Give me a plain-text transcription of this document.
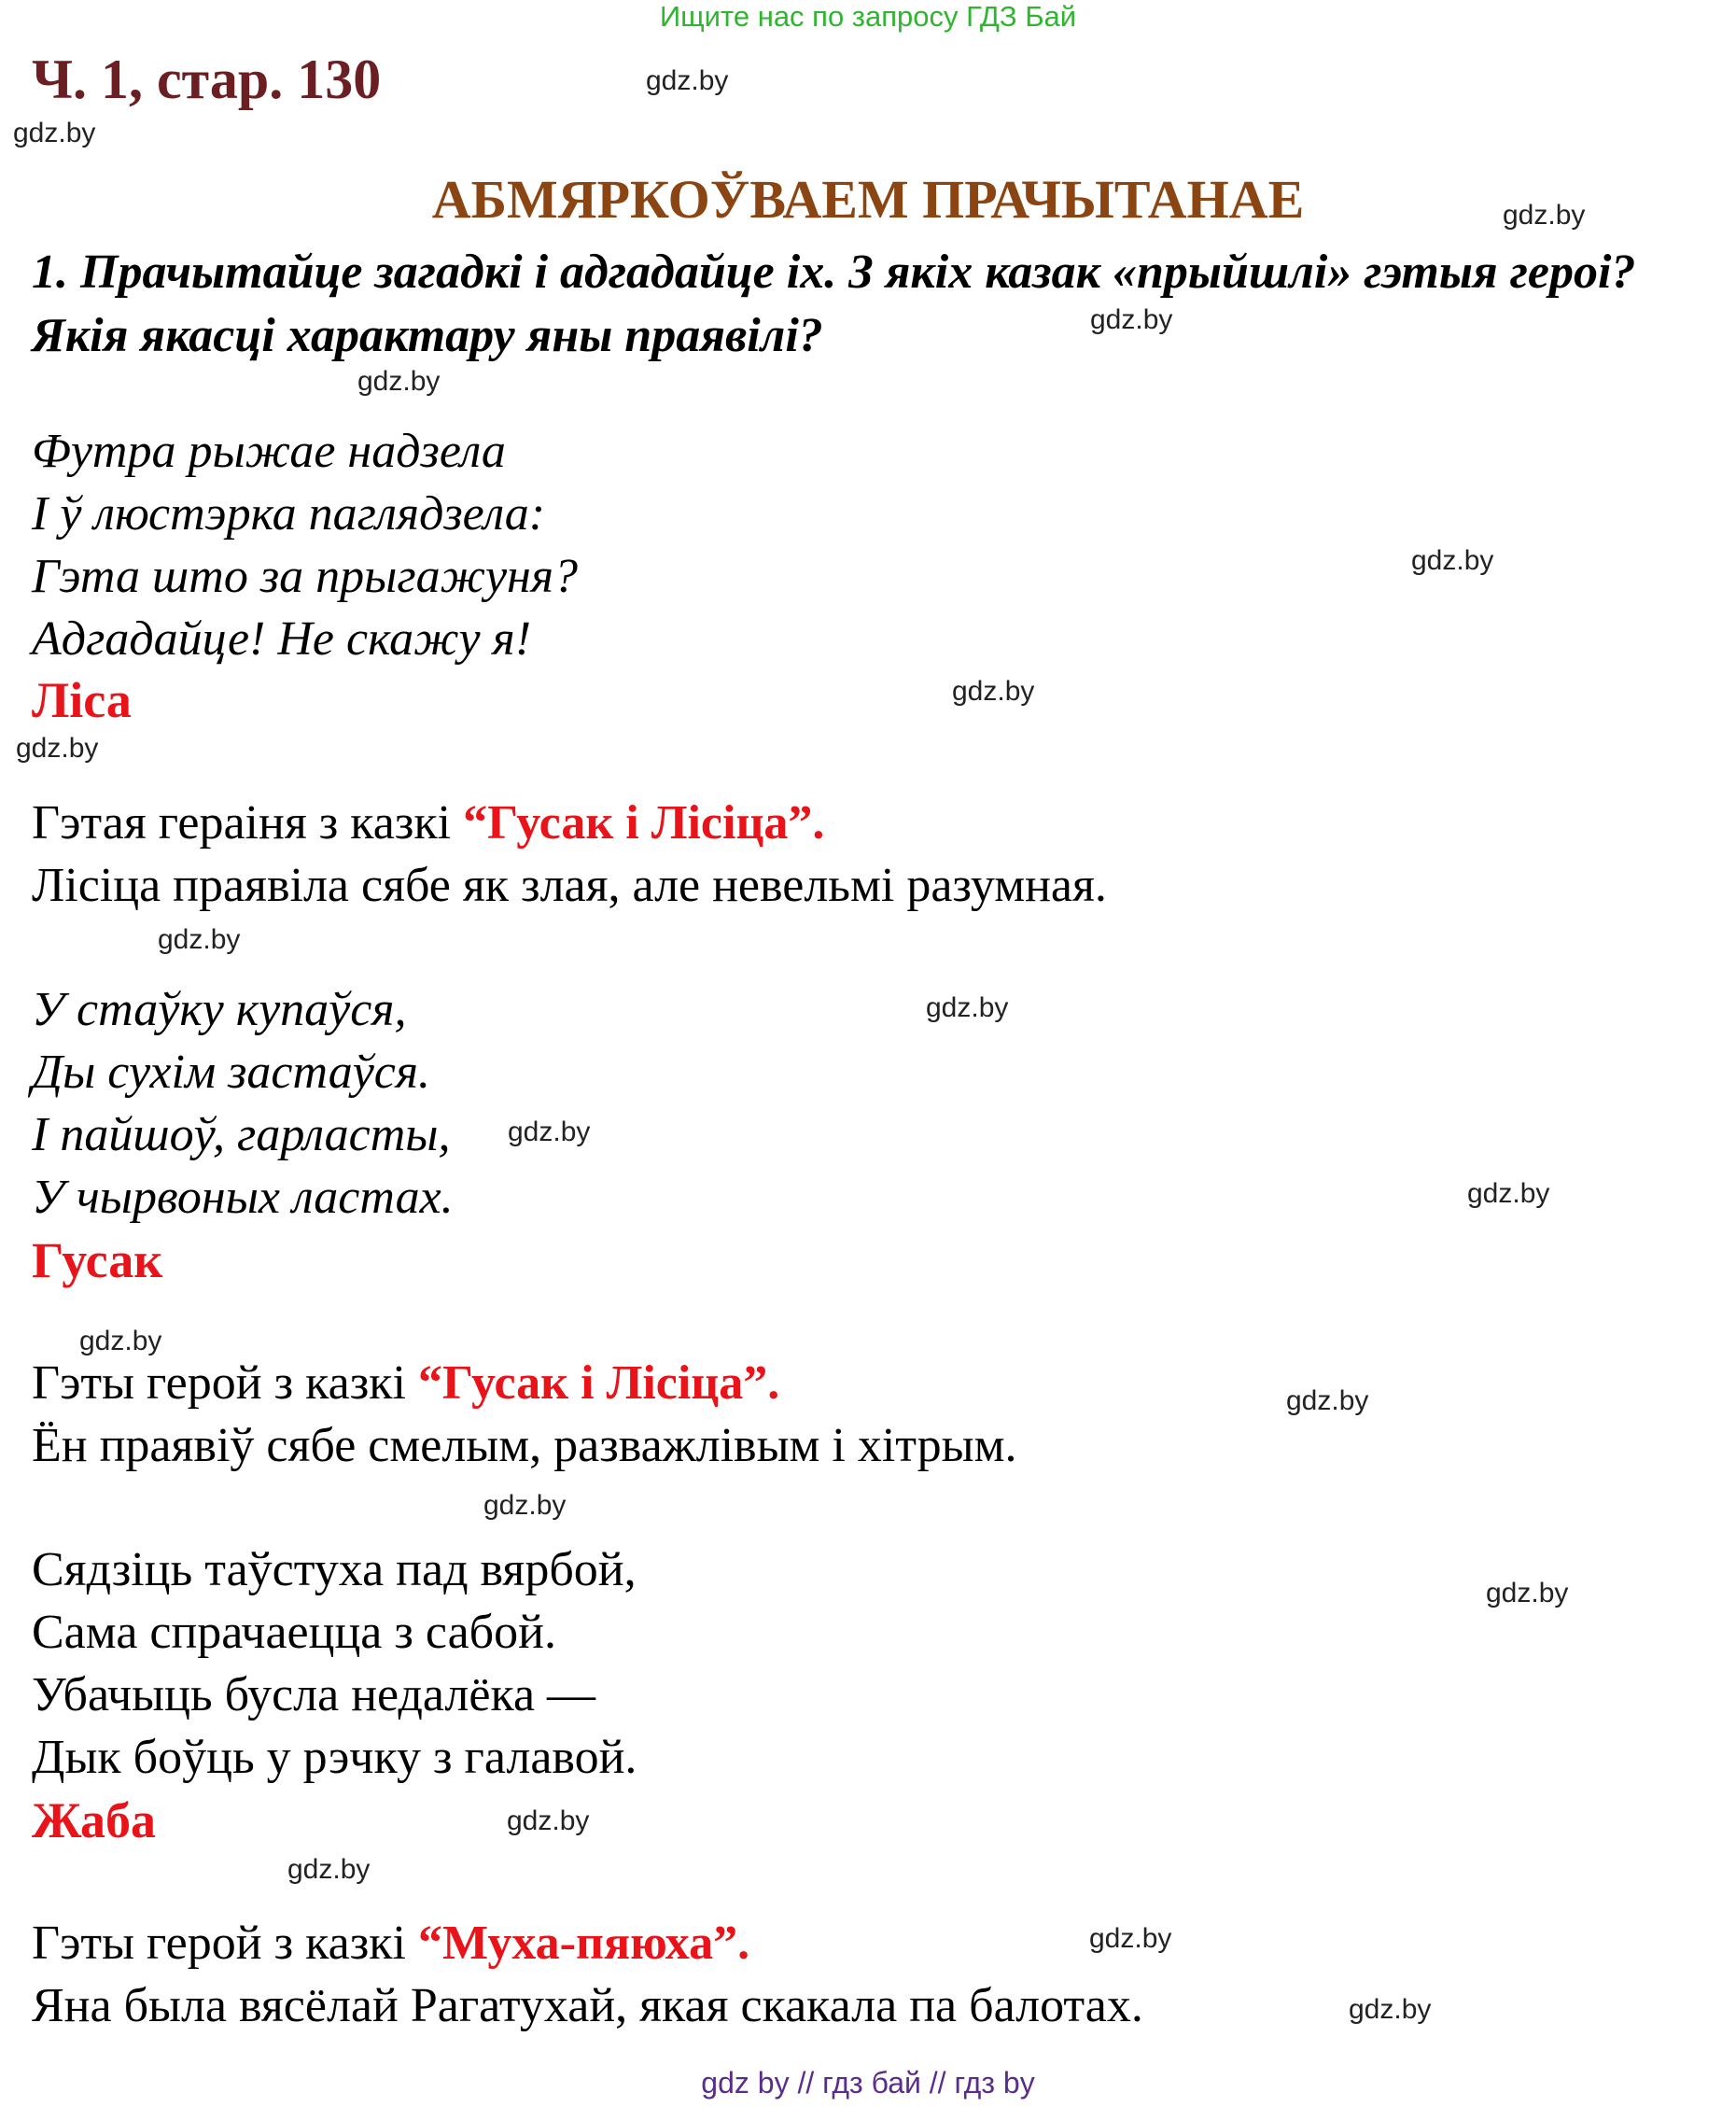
Ищите нас по запросу ГДЗ Бай
Ч. 1, стар. 130
АБМЯРКОЎВАЕМ ПРАЧЫТАНАЕ
1. Прачытайце загадкі і адгадайце іх. З якіх казак «прыйшлі» гэтыя героі? Якія якасці характару яны праявілі?
Футра рыжае надзела
І ў люстэрка паглядзела:
Гэта што за прыгажуня?
Адгадайце! Не скажу я!
Ліса
Гэтая гераіня з казкі “Гусак і Лісіца”.
Лісіца праявіла сябе як злая, але невельмі разумная.
У стаўку купаўся,
Ды сухім застаўся.
І пайшоў, гарласты,
У чырвоных ластах.
Гусак
Гэты герой з казкі “Гусак і Лісіца”.
Ён праявіў сябе смелым, разважлівым і хітрым.
Сядзіць таўстуха пад вярбой,
Сама спрачаецца з сабой.
Убачыць бусла недалёка —
Дык боўць у рэчку з галавой.
Жаба
Гэты герой з казкі “Муха-пяюха”.
Яна была вясёлай Рагатухай, якая скакала па балотах.
gdz.by
gdz.by
gdz.by
gdz.by
gdz.by
gdz.by
gdz.by
gdz.by
gdz.by
gdz.by
gdz.by
gdz.by
gdz.by
gdz.by
gdz.by
gdz.by
gdz.by
gdz.by
gdz.by
gdz.by
gdz by // гдз бай // гдз by
